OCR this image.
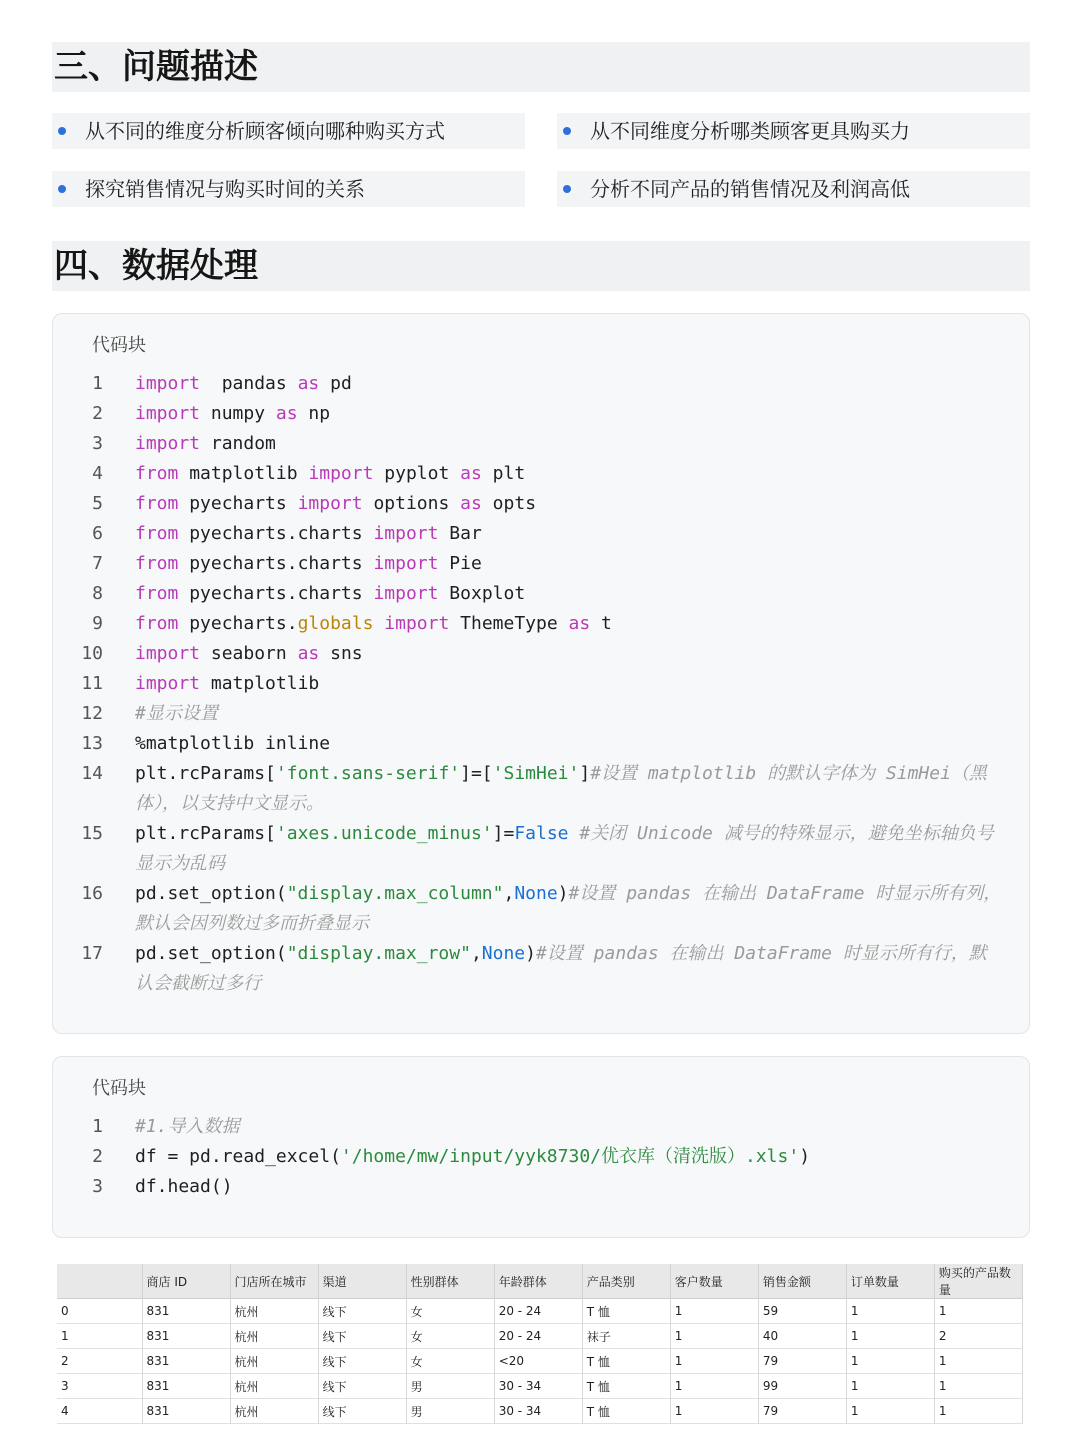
三、问题描述
从不同的维度分析顾客倾向哪种购买方式	从不同维度分析哪类顾客更具购买力
探究销售情况与购买时间的关系	分析不同产品的销售情况及利润高低
四、数据处理
代码块
1 import  pandas as pd
2 import numpy as np
3 import random
4 from matplotlib import pyplot as plt
5 from pyecharts import options as opts
6 from pyecharts.charts import Bar
7 from pyecharts.charts import Pie
8 from pyecharts.charts import Boxplot
9 from pyecharts.globals import ThemeType as t
10 import seaborn as sns
11 import matplotlib
12 #显示设置
13 %matplotlib inline
14 plt.rcParams['font.sans-serif']=['SimHei']#设置 matplotlib 的默认字体为 SimHei（黑体），以支持中文显示。
15 plt.rcParams['axes.unicode_minus']=False #关闭 Unicode 减号的特殊显示，避免坐标轴负号显示为乱码
16 pd.set_option("display.max_column",None)#设置 pandas 在输出 DataFrame 时显示所有列，默认会因列数过多而折叠显示
17 pd.set_option("display.max_row",None)#设置 pandas 在输出 DataFrame 时显示所有行，默认会截断过多行
代码块
1 #1.导入数据
2 df = pd.read_excel('/home/mw/input/yyk8730/优衣库（清洗版）.xls')
3 df.head()
	商店 ID	门店所在城市	渠道	性别群体	年龄群体	产品类别	客户数量	销售金额	订单数量	购买的产品数量
0	831	杭州	线下	女	20 - 24	T 恤	1	59	1	1
1	831	杭州	线下	女	20 - 24	袜子	1	40	1	2
2	831	杭州	线下	女	<20	T 恤	1	79	1	1
3	831	杭州	线下	男	30 - 34	T 恤	1	99	1	1
4	831	杭州	线下	男	30 - 34	T 恤	1	79	1	1
